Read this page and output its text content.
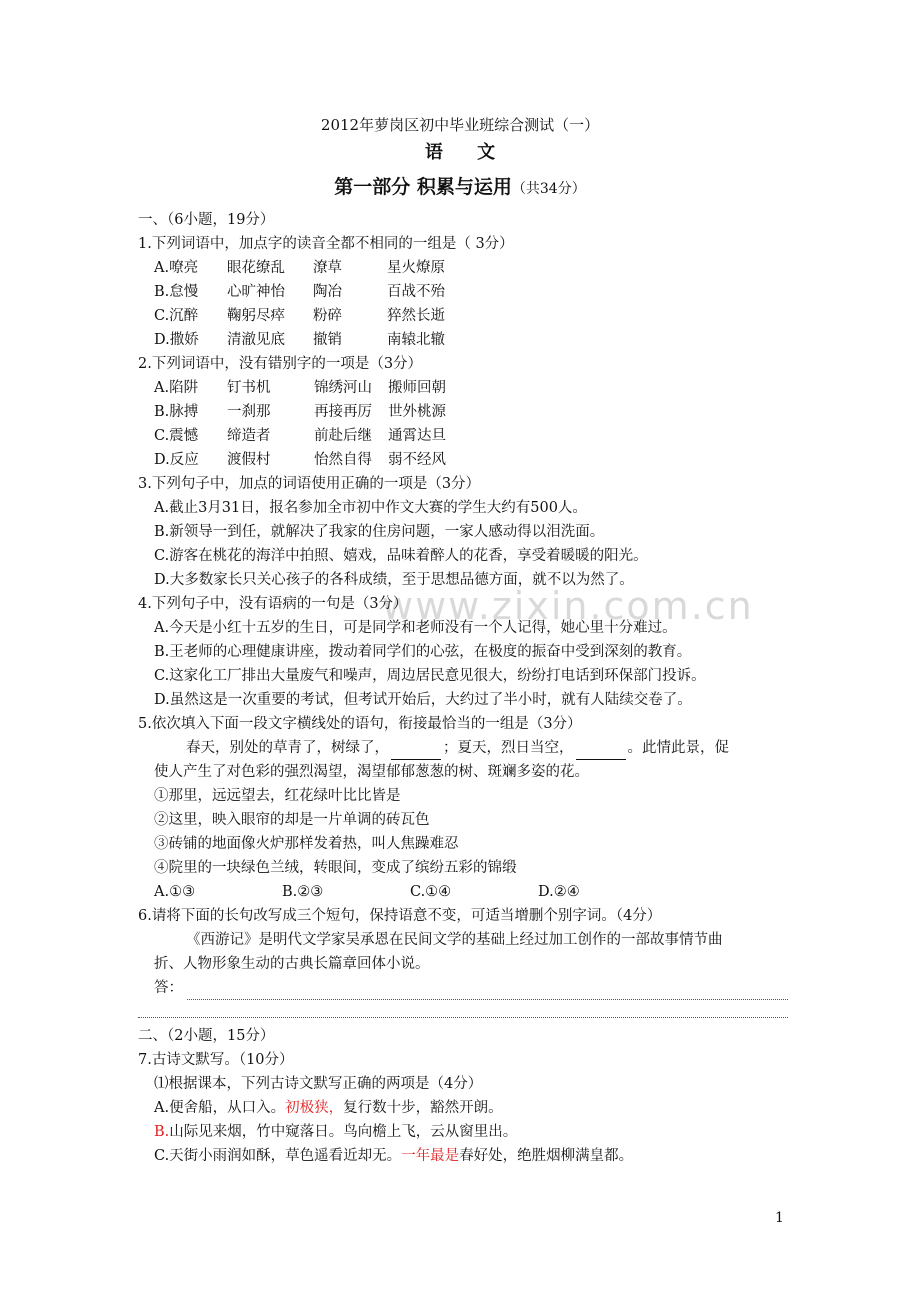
www.zixin.com.cn
2012年萝岗区初中毕业班综合测试（一）
语 文
第一部分 积累与运用（共34分）
一、（6小题，19分）
1.下列词语中，加点字的读音全都不相同的一组是（ 3分）
A.嘹亮 眼花缭乱 潦草	星火燎原
B.怠慢 心旷神怡 陶冶	百战不殆
C.沉醉 鞠躬尽瘁 粉碎	猝然长逝
D.撒娇 清澈见底 撤销	南辕北辙
2.下列词语中，没有错别字的一项是（3分）
A.陷阱 钉书机	锦绣河山 搬师回朝
B.脉搏 一刹那	再接再厉 世外桃源
C.震憾 缔造者	前赴后继 通霄达旦
D.反应 渡假村	怡然自得 弱不经风
3.下列句子中，加点的词语使用正确的一项是（3分）
A.截止3月31日，报名参加全市初中作文大赛的学生大约有500人。
B.新领导一到任，就解决了我家的住房问题，一家人感动得以泪洗面。
C.游客在桃花的海洋中拍照、嬉戏，品味着醉人的花香，享受着暖暖的阳光。
D.大多数家长只关心孩子的各科成绩，至于思想品德方面，就不以为然了。
4.下列句子中，没有语病的一句是（3分）
A.今天是小红十五岁的生日，可是同学和老师没有一个人记得，她心里十分难过。
B.王老师的心理健康讲座，拨动着同学们的心弦，在极度的振奋中受到深刻的教育。
C.这家化工厂排出大量废气和噪声，周边居民意见很大，纷纷打电话到环保部门投诉。
D.虽然这是一次重要的考试，但考试开始后，大约过了半小时，就有人陆续交卷了。
5.依次填入下面一段文字横线处的语句，衔接最恰当的一组是（3分）
春天，别处的草青了，树绿了，	；夏天，烈日当空，	。此情此景，促
使人产生了对色彩的强烈渴望，渴望郁郁葱葱的树、斑斓多姿的花。
①那里，远远望去，红花绿叶比比皆是
②这里，映入眼帘的却是一片单调的砖瓦色
③砖铺的地面像火炉那样发着热，叫人焦躁难忍
④院里的一块绿色兰绒，转眼间，变成了缤纷五彩的锦缎
A.①③	B.②③	C.①④	D.②④
6.请将下面的长句改写成三个短句，保持语意不变，可适当增删个别字词。（4分）
《西游记》是明代文学家吴承恩在民间文学的基础上经过加工创作的一部故事情节曲
折、人物形象生动的古典长篇章回体小说。
答：
二、（2小题，15分）
7.古诗文默写。（10分）
⑴根据课本，下列古诗文默写正确的两项是（4分）
A.便舍船，从口入。初极狭，复行数十步，豁然开朗。
B.山际见来烟，竹中窥落日。鸟向檐上飞，云从窗里出。
C.天街小雨润如酥，草色遥看近却无。一年最是春好处，绝胜烟柳满皇都。
1
